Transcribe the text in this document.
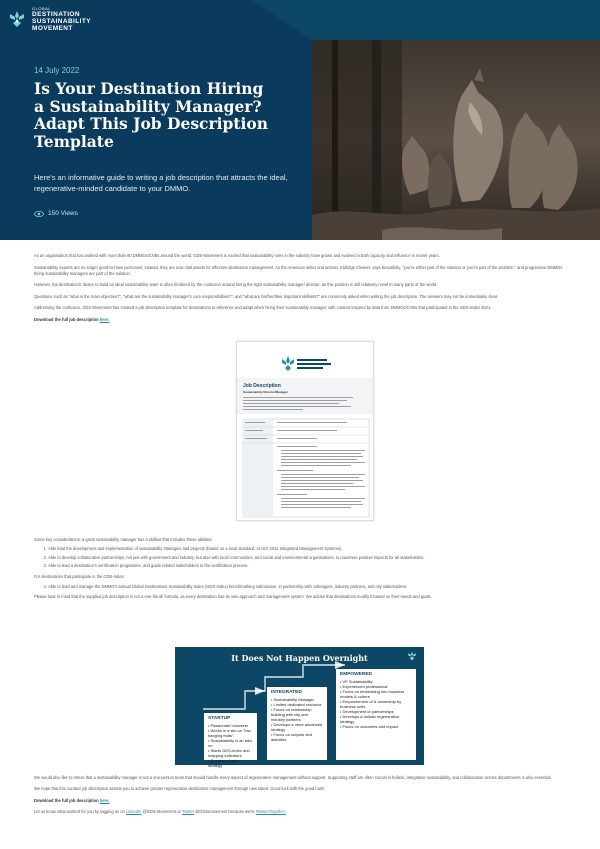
GLOBAL
DESTINATION
SUSTAINABILITY
MOVEMENT
14 July 2022
Is Your Destination Hiring a Sustainability Manager? Adapt This Job Description Template

Here's an informative guide to writing a job description that attracts the ideal, regenerative-minded candidate to your DMMO.

150 Views

As an organisation that has worked with more than 80 DMMOs/CVBs around the world, GDS-Movement is excited that sustainability roles in the industry have grown and evolved in both capacity and influence in recent years.

Sustainability experts are no longer good-to-have personnel; instead, they are now vital assets for effective destination management. As the American writer and activist, Eldridge Cleaver, says beautifully, "you're either part of the solution or you're part of the problem," and progressive DMMOs hiring sustainability managers are part of the solution.

However, the destinations' desire to build an ideal sustainability team is often hindered by the confusion around hiring the right sustainability manager/ director, as this position is still relatively novel in many parts of the world.

Questions such as "what is the main objective?", "what are the sustainability manager's core responsibilities?", and "what are his/her/their important skillsets?" are commonly asked when writing the job description. The answers may not be immediately clear.

Addressing the confusion, GDS-Movement has created a job description template for destinations to reference and adapt when hiring their sustainability manager, with content inspired by data from DMMOs/CVBs that participated in the GDS-Index 2021.

Download the full job description here.

Job Description
Sustainability Director/Manager

Some key considerations: a great sustainability manager has a skillset that includes these abilities:

1. Able lead the development and implementation of sustainability strategies and projects (based on a local standard, or ISO 2012 Integrated Management Systems).
2. Able to develop collaborative partnerships, not just with government and industry, but also with local communities, and social and environmental organisations, to maximise positive impacts for all stakeholders.
3. Able to lead a destination's certification programme, and guide related stakeholders in the certification process.

For destinations that participate in the GDS-Index:

4. Able to lead and manage the DMMO's annual Global Destinations Sustainability Index (GDS-Index) benchmarking submission, in partnership with colleagues, industry partners, and city stakeholders.

Please bear in mind that the supplied job description is not a one-fits-all formula, as every destination has its own approach and management system. We advise that destinations modify it based on their needs and goals.

It Does Not Happen Overnight
STARTUP
• Passionate Volunteer
• Works in a silo on "low hanging fruits"
• Sustainability is an add-on
• Starts GDS-Index and mapping indicators
• Creates a basic strategy
INTEGRATED
• Sustainability Manager
• Limited dedicated resource
• Focus on relationship building with city and industry partners
• Develops a more advanced strategy
• Focus on outputs and activities
EMPOWERED
• VP Sustainability
• Experienced professional
• Focus on embedding into business models & culture
• Empowerment of & ownership by business units
• Development of partnerships
• Develops a holistic regenerative strategy
• Focus on outcomes and impact

We would also like to stress that a sustainability manager is not a one-person team that should handle every aspect of regenerative management without support. Supporting staff are often crucial in holistic, integrative sustainability, and collaboration across departments is also essential.

We hope that this curated job description assists you to achieve greater regenerative destination management through new talent. Good luck with the good hunt!

Download the full job description here.

Let us know what worked for you by tagging us on LinkedIn @GDS-Movement or Twitter @GDSmovement because we're #BetterTogether.
